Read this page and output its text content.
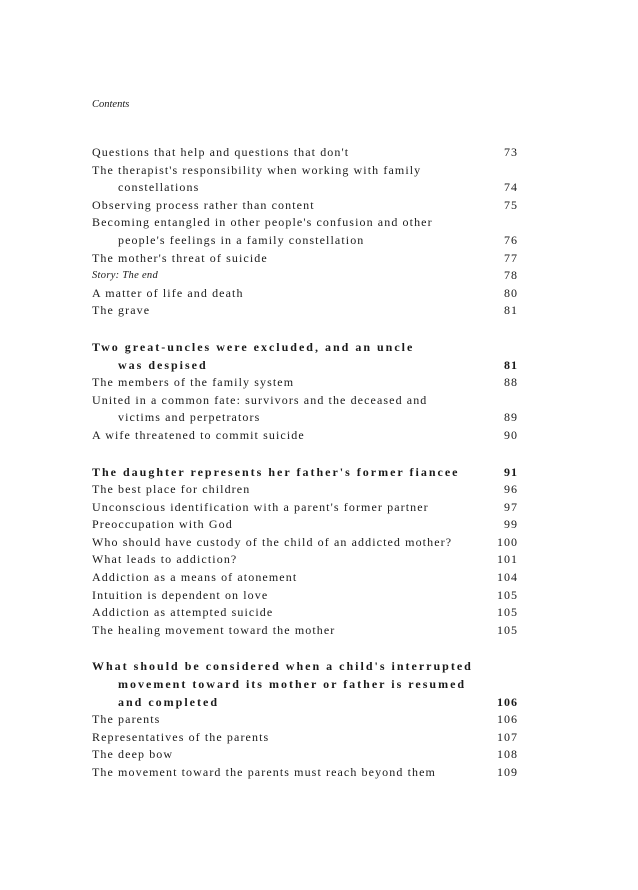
Contents
Questions that help and questions that don't	73
The therapist's responsibility when working with family
constellations	74
Observing process rather than content	75
Becoming entangled in other people's confusion and other
people's feelings in a family constellation	76
The mother's threat of suicide	77
Story: The end	78
A matter of life and death	80
The grave	81
Two great-uncles were excluded, and an uncle
was despised	81
The members of the family system	88
United in a common fate: survivors and the deceased and
victims and perpetrators	89
A wife threatened to commit suicide	90
The daughter represents her father's former fiancee	91
The best place for children	96
Unconscious identification with a parent's former partner	97
Preoccupation with God	99
Who should have custody of the child of an addicted mother?	100
What leads to addiction?	101
Addiction as a means of atonement	104
Intuition is dependent on love	105
Addiction as attempted suicide	105
The healing movement toward the mother	105
What should be considered when a child's interrupted
movement toward its mother or father is resumed
and completed	106
The parents	106
Representatives of the parents	107
The deep bow	108
The movement toward the parents must reach beyond them	109
